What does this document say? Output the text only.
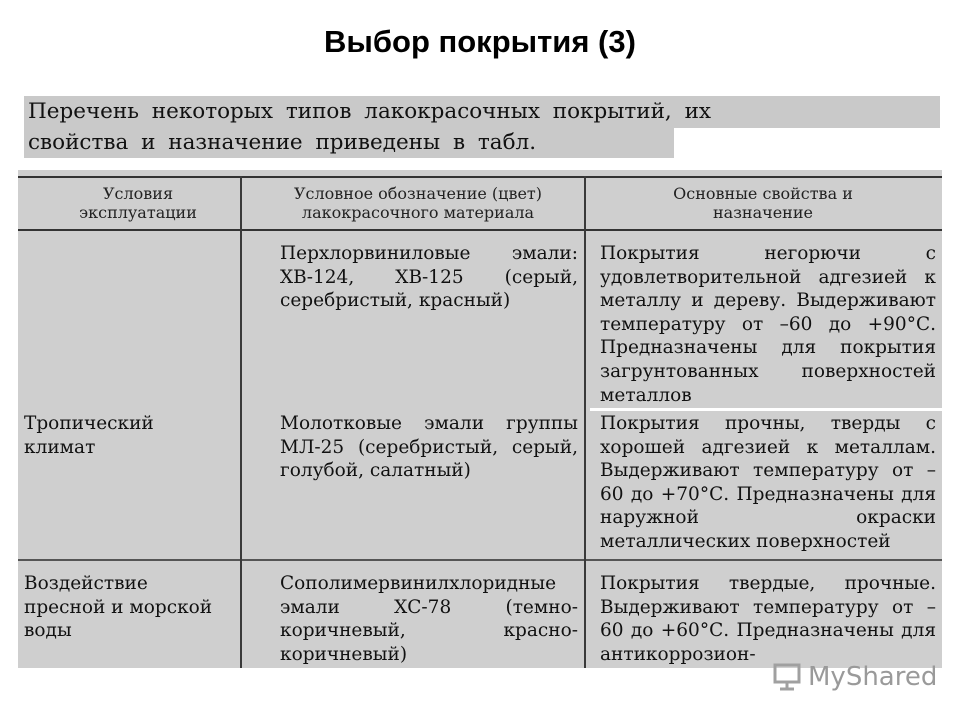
Выбор покрытия (3)
Перечень некоторых типов лакокрасочных покрытий, их
свойства и назначение приведены в табл.
Условия эксплуатации
Условное обозначение (цвет) лакокрасочного материала
Основные свойства и назначение
Перхлорвиниловые эмали: ХВ-124, ХВ-125 (серый, серебристый, красный)
Покрытия негорючи с удовлетворительной адгезией к металлу и дереву. Выдерживают температуру от –60 до +90°С. Предназначены для покрытия загрунтованных поверхностей металлов
Тропический климат
Молотковые эмали группы МЛ-25 (серебристый, серый, голубой, салатный)
Покрытия прочны, тверды с хорошей адгезией к металлам. Выдерживают температуру от –60 до +70°С. Предназначены для наружной окраски металлических поверхностей
Воздействие пресной и морской воды
Сополимервинилхлоридные эмали ХС-78 (темно-коричневый, красно-коричневый)
Покрытия твердые, прочные. Выдерживают температуру от –60 до +60°С. Предназначены для антикоррозион-
MyShared
